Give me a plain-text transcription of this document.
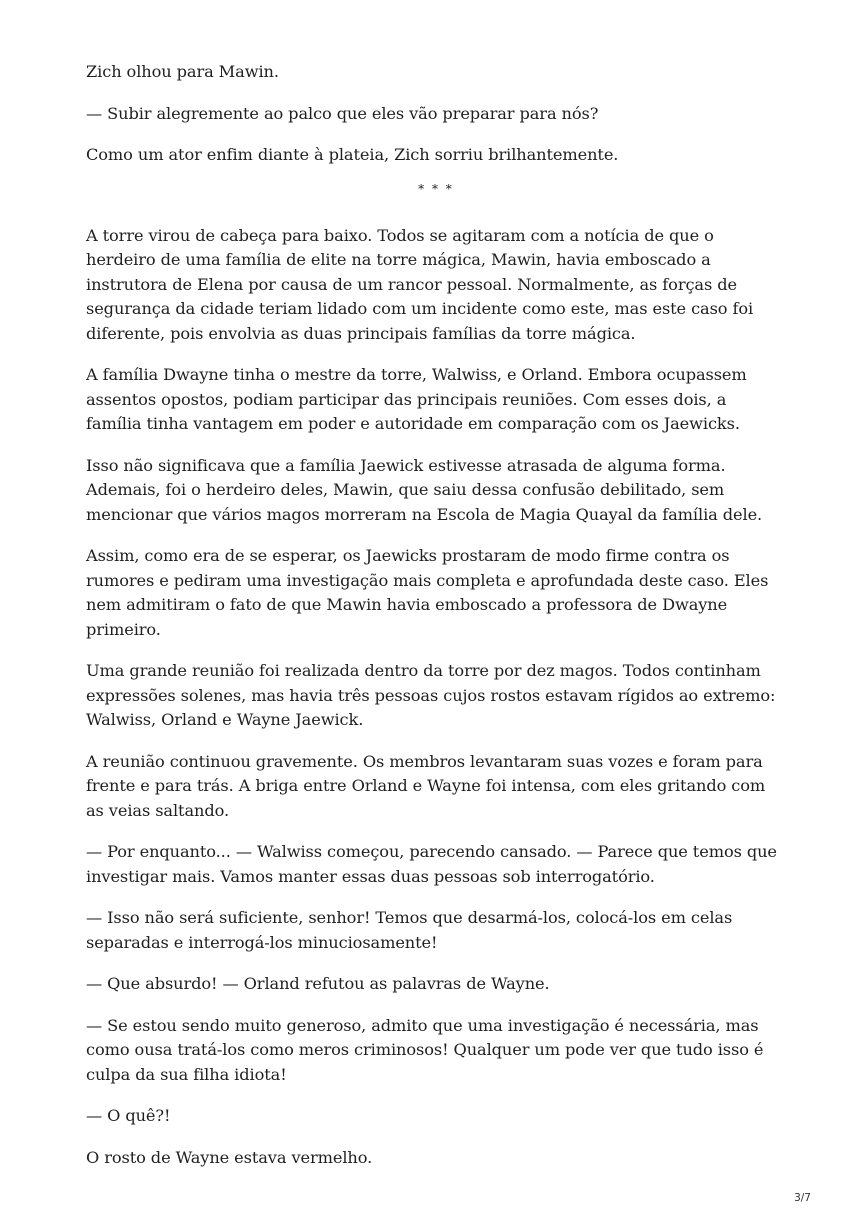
Zich olhou para Mawin.

— Subir alegremente ao palco que eles vão preparar para nós?

Como um ator enfim diante à plateia, Zich sorriu brilhantemente.

* * *

A torre virou de cabeça para baixo. Todos se agitaram com a notícia de que o herdeiro de uma família de elite na torre mágica, Mawin, havia emboscado a instrutora de Elena por causa de um rancor pessoal. Normalmente, as forças de segurança da cidade teriam lidado com um incidente como este, mas este caso foi diferente, pois envolvia as duas principais famílias da torre mágica.

A família Dwayne tinha o mestre da torre, Walwiss, e Orland. Embora ocupassem assentos opostos, podiam participar das principais reuniões. Com esses dois, a família tinha vantagem em poder e autoridade em comparação com os Jaewicks.

Isso não significava que a família Jaewick estivesse atrasada de alguma forma. Ademais, foi o herdeiro deles, Mawin, que saiu dessa confusão debilitado, sem mencionar que vários magos morreram na Escola de Magia Quayal da família dele.

Assim, como era de se esperar, os Jaewicks prostaram de modo firme contra os rumores e pediram uma investigação mais completa e aprofundada deste caso. Eles nem admitiram o fato de que Mawin havia emboscado a professora de Dwayne primeiro.

Uma grande reunião foi realizada dentro da torre por dez magos. Todos continham expressões solenes, mas havia três pessoas cujos rostos estavam rígidos ao extremo: Walwiss, Orland e Wayne Jaewick.

A reunião continuou gravemente. Os membros levantaram suas vozes e foram para frente e para trás. A briga entre Orland e Wayne foi intensa, com eles gritando com as veias saltando.

— Por enquanto... — Walwiss começou, parecendo cansado. — Parece que temos que investigar mais. Vamos manter essas duas pessoas sob interrogatório.

— Isso não será suficiente, senhor! Temos que desarmá-los, colocá-los em celas separadas e interrogá-los minuciosamente!

— Que absurdo! — Orland refutou as palavras de Wayne.

— Se estou sendo muito generoso, admito que uma investigação é necessária, mas como ousa tratá-los como meros criminosos! Qualquer um pode ver que tudo isso é culpa da sua filha idiota!

— O quê?!

O rosto de Wayne estava vermelho.

3/7
